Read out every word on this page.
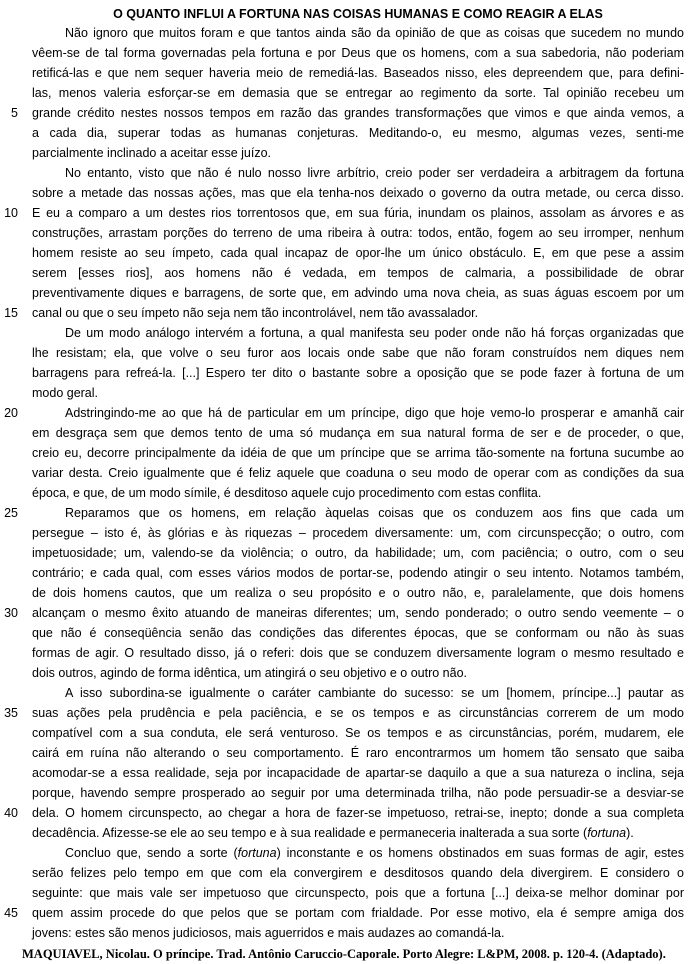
O QUANTO INFLUI A FORTUNA NAS COISAS HUMANAS E COMO REAGIR A ELAS
Não ignoro que muitos foram e que tantos ainda são da opinião de que as coisas que sucedem no mundo
vêem-se de tal forma governadas pela fortuna e por Deus que os homens, com a sua sabedoria, não poderiam
retificá-las e que nem sequer haveria meio de remediá-las. Baseados nisso, eles depreendem que, para defini-
las, menos valeria esforçar-se em demasia que se entregar ao regimento da sorte. Tal opinião recebeu um
5 grande crédito nestes nossos tempos em razão das grandes transformações que vimos e que ainda vemos, a
a cada dia, superar todas as humanas conjeturas. Meditando-o, eu mesmo, algumas vezes, senti-me
parcialmente inclinado a aceitar esse juízo.
No entanto, visto que não é nulo nosso livre arbítrio, creio poder ser verdadeira a arbitragem da fortuna
sobre a metade das nossas ações, mas que ela tenha-nos deixado o governo da outra metade, ou cerca disso.
10 E eu a comparo a um destes rios torrentosos que, em sua fúria, inundam os plainos, assolam as árvores e as
construções, arrastam porções do terreno de uma ribeira à outra: todos, então, fogem ao seu irromper, nenhum
homem resiste ao seu ímpeto, cada qual incapaz de opor-lhe um único obstáculo. E, em que pese a assim
serem [esses rios], aos homens não é vedada, em tempos de calmaria, a possibilidade de obrar
preventivamente diques e barragens, de sorte que, em advindo uma nova cheia, as suas águas escoem por um
15 canal ou que o seu ímpeto não seja nem tão incontrolável, nem tão avassalador.
De um modo análogo intervém a fortuna, a qual manifesta seu poder onde não há forças organizadas que
lhe resistam; ela, que volve o seu furor aos locais onde sabe que não foram construídos nem diques nem
barragens para refreá-la. [...] Espero ter dito o bastante sobre a oposição que se pode fazer à fortuna de um
modo geral.
20	Adstringindo-me ao que há de particular em um príncipe, digo que hoje vemo-lo prosperar e amanhã cair
em desgraça sem que demos tento de uma só mudança em sua natural forma de ser e de proceder, o que,
creio eu, decorre principalmente da idéia de que um príncipe que se arrima tão-somente na fortuna sucumbe ao
variar desta. Creio igualmente que é feliz aquele que coaduna o seu modo de operar com as condições da sua
época, e que, de um modo símile, é desditoso aquele cujo procedimento com estas conflita.
25	Reparamos que os homens, em relação àquelas coisas que os conduzem aos fins que cada um
persegue – isto é, às glórias e às riquezas – procedem diversamente: um, com circunspecção; o outro, com
impetuosidade; um, valendo-se da violência; o outro, da habilidade; um, com paciência; o outro, com o seu
contrário; e cada qual, com esses vários modos de portar-se, podendo atingir o seu intento. Notamos também,
de dois homens cautos, que um realiza o seu propósito e o outro não, e, paralelamente, que dois homens
30 alcançam o mesmo êxito atuando de maneiras diferentes; um, sendo ponderado; o outro sendo veemente – o
que não é conseqüência senão das condições das diferentes épocas, que se conformam ou não às suas
formas de agir. O resultado disso, já o referi: dois que se conduzem diversamente logram o mesmo resultado e
dois outros, agindo de forma idêntica, um atingirá o seu objetivo e o outro não.
A isso subordina-se igualmente o caráter cambiante do sucesso: se um [homem, príncipe...] pautar as
35 suas ações pela prudência e pela paciência, e se os tempos e as circunstâncias correrem de um modo
compatível com a sua conduta, ele será venturoso. Se os tempos e as circunstâncias, porém, mudarem, ele
cairá em ruína não alterando o seu comportamento. É raro encontrarmos um homem tão sensato que saiba
acomodar-se a essa realidade, seja por incapacidade de apartar-se daquilo a que a sua natureza o inclina, seja
porque, havendo sempre prosperado ao seguir por uma determinada trilha, não pode persuadir-se a desviar-se
40 dela. O homem circunspecto, ao chegar a hora de fazer-se impetuoso, retrai-se, inepto; donde a sua completa
decadência. Afizesse-se ele ao seu tempo e à sua realidade e permaneceria inalterada a sua sorte (fortuna).
Concluo que, sendo a sorte (fortuna) inconstante e os homens obstinados em suas formas de agir, estes
serão felizes pelo tempo em que com ela convergirem e desditosos quando dela divergirem. E considero o
seguinte: que mais vale ser impetuoso que circunspecto, pois que a fortuna [...] deixa-se melhor dominar por
45 quem assim procede do que pelos que se portam com frialdade. Por esse motivo, ela é sempre amiga dos
jovens: estes são menos judiciosos, mais aguerridos e mais audazes ao comandá-la.
MAQUIAVEL, Nicolau. O príncipe. Trad. Antônio Caruccio-Caporale. Porto Alegre: L&PM, 2008. p. 120-4. (Adaptado).
